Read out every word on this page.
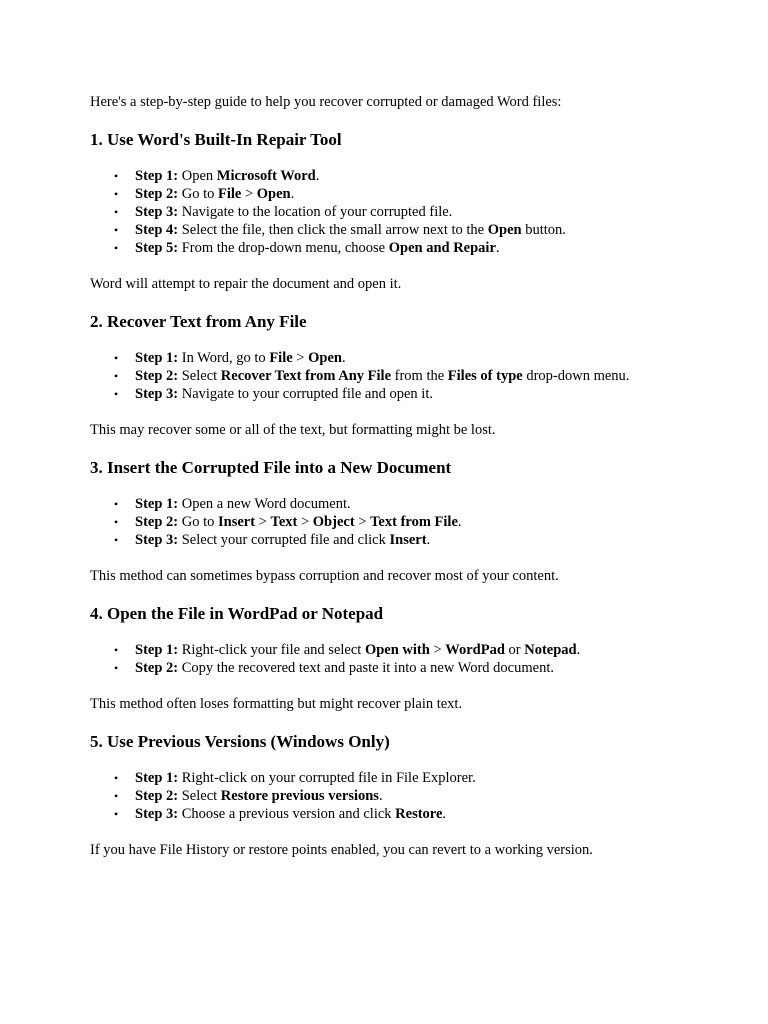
Here's a step-by-step guide to help you recover corrupted or damaged Word files:

1. Use Word's Built-In Repair Tool
• Step 1: Open Microsoft Word.
• Step 2: Go to File > Open.
• Step 3: Navigate to the location of your corrupted file.
• Step 4: Select the file, then click the small arrow next to the Open button.
• Step 5: From the drop-down menu, choose Open and Repair.

Word will attempt to repair the document and open it.

2. Recover Text from Any File
• Step 1: In Word, go to File > Open.
• Step 2: Select Recover Text from Any File from the Files of type drop-down menu.
• Step 3: Navigate to your corrupted file and open it.

This may recover some or all of the text, but formatting might be lost.

3. Insert the Corrupted File into a New Document
• Step 1: Open a new Word document.
• Step 2: Go to Insert > Text > Object > Text from File.
• Step 3: Select your corrupted file and click Insert.

This method can sometimes bypass corruption and recover most of your content.

4. Open the File in WordPad or Notepad
• Step 1: Right-click your file and select Open with > WordPad or Notepad.
• Step 2: Copy the recovered text and paste it into a new Word document.

This method often loses formatting but might recover plain text.

5. Use Previous Versions (Windows Only)
• Step 1: Right-click on your corrupted file in File Explorer.
• Step 2: Select Restore previous versions.
• Step 3: Choose a previous version and click Restore.

If you have File History or restore points enabled, you can revert to a working version.
